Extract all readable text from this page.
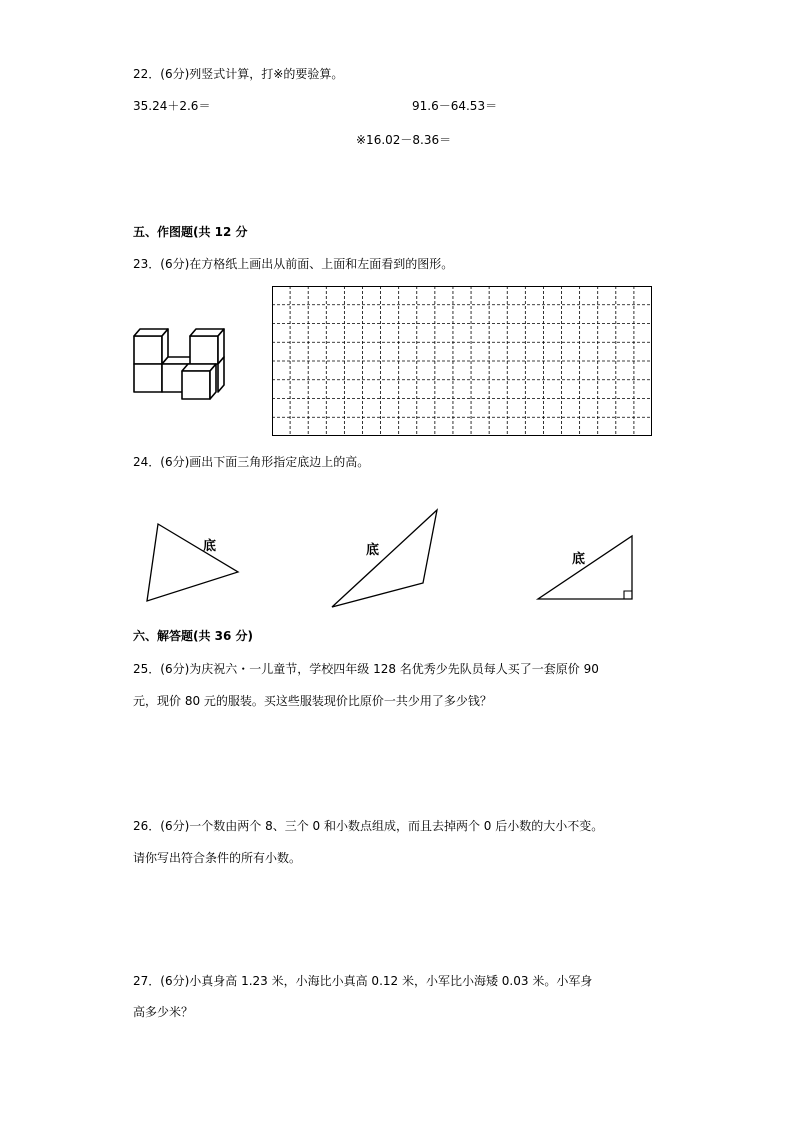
22．(6分)列竖式计算，打※的要验算。
35.24＋2.6＝	91.6－64.53＝
※16.02－8.36＝
五、作图题(共 12 分
23．(6分)在方格纸上画出从前面、上面和左面看到的图形。
24．(6分)画出下面三角形指定底边上的高。
底	底
底
六、解答题(共 36 分)
25．(6分)为庆祝六・一儿童节，学校四年级 128 名优秀少先队员每人买了一套原价 90
元，现价 80 元的服装。买这些服装现价比原价一共少用了多少钱？
26．(6分)一个数由两个 8、三个 0 和小数点组成，而且去掉两个 0 后小数的大小不变。
请你写出符合条件的所有小数。
27．(6分)小真身高 1.23 米，小海比小真高 0.12 米，小军比小海矮 0.03 米。小军身
高多少米？
